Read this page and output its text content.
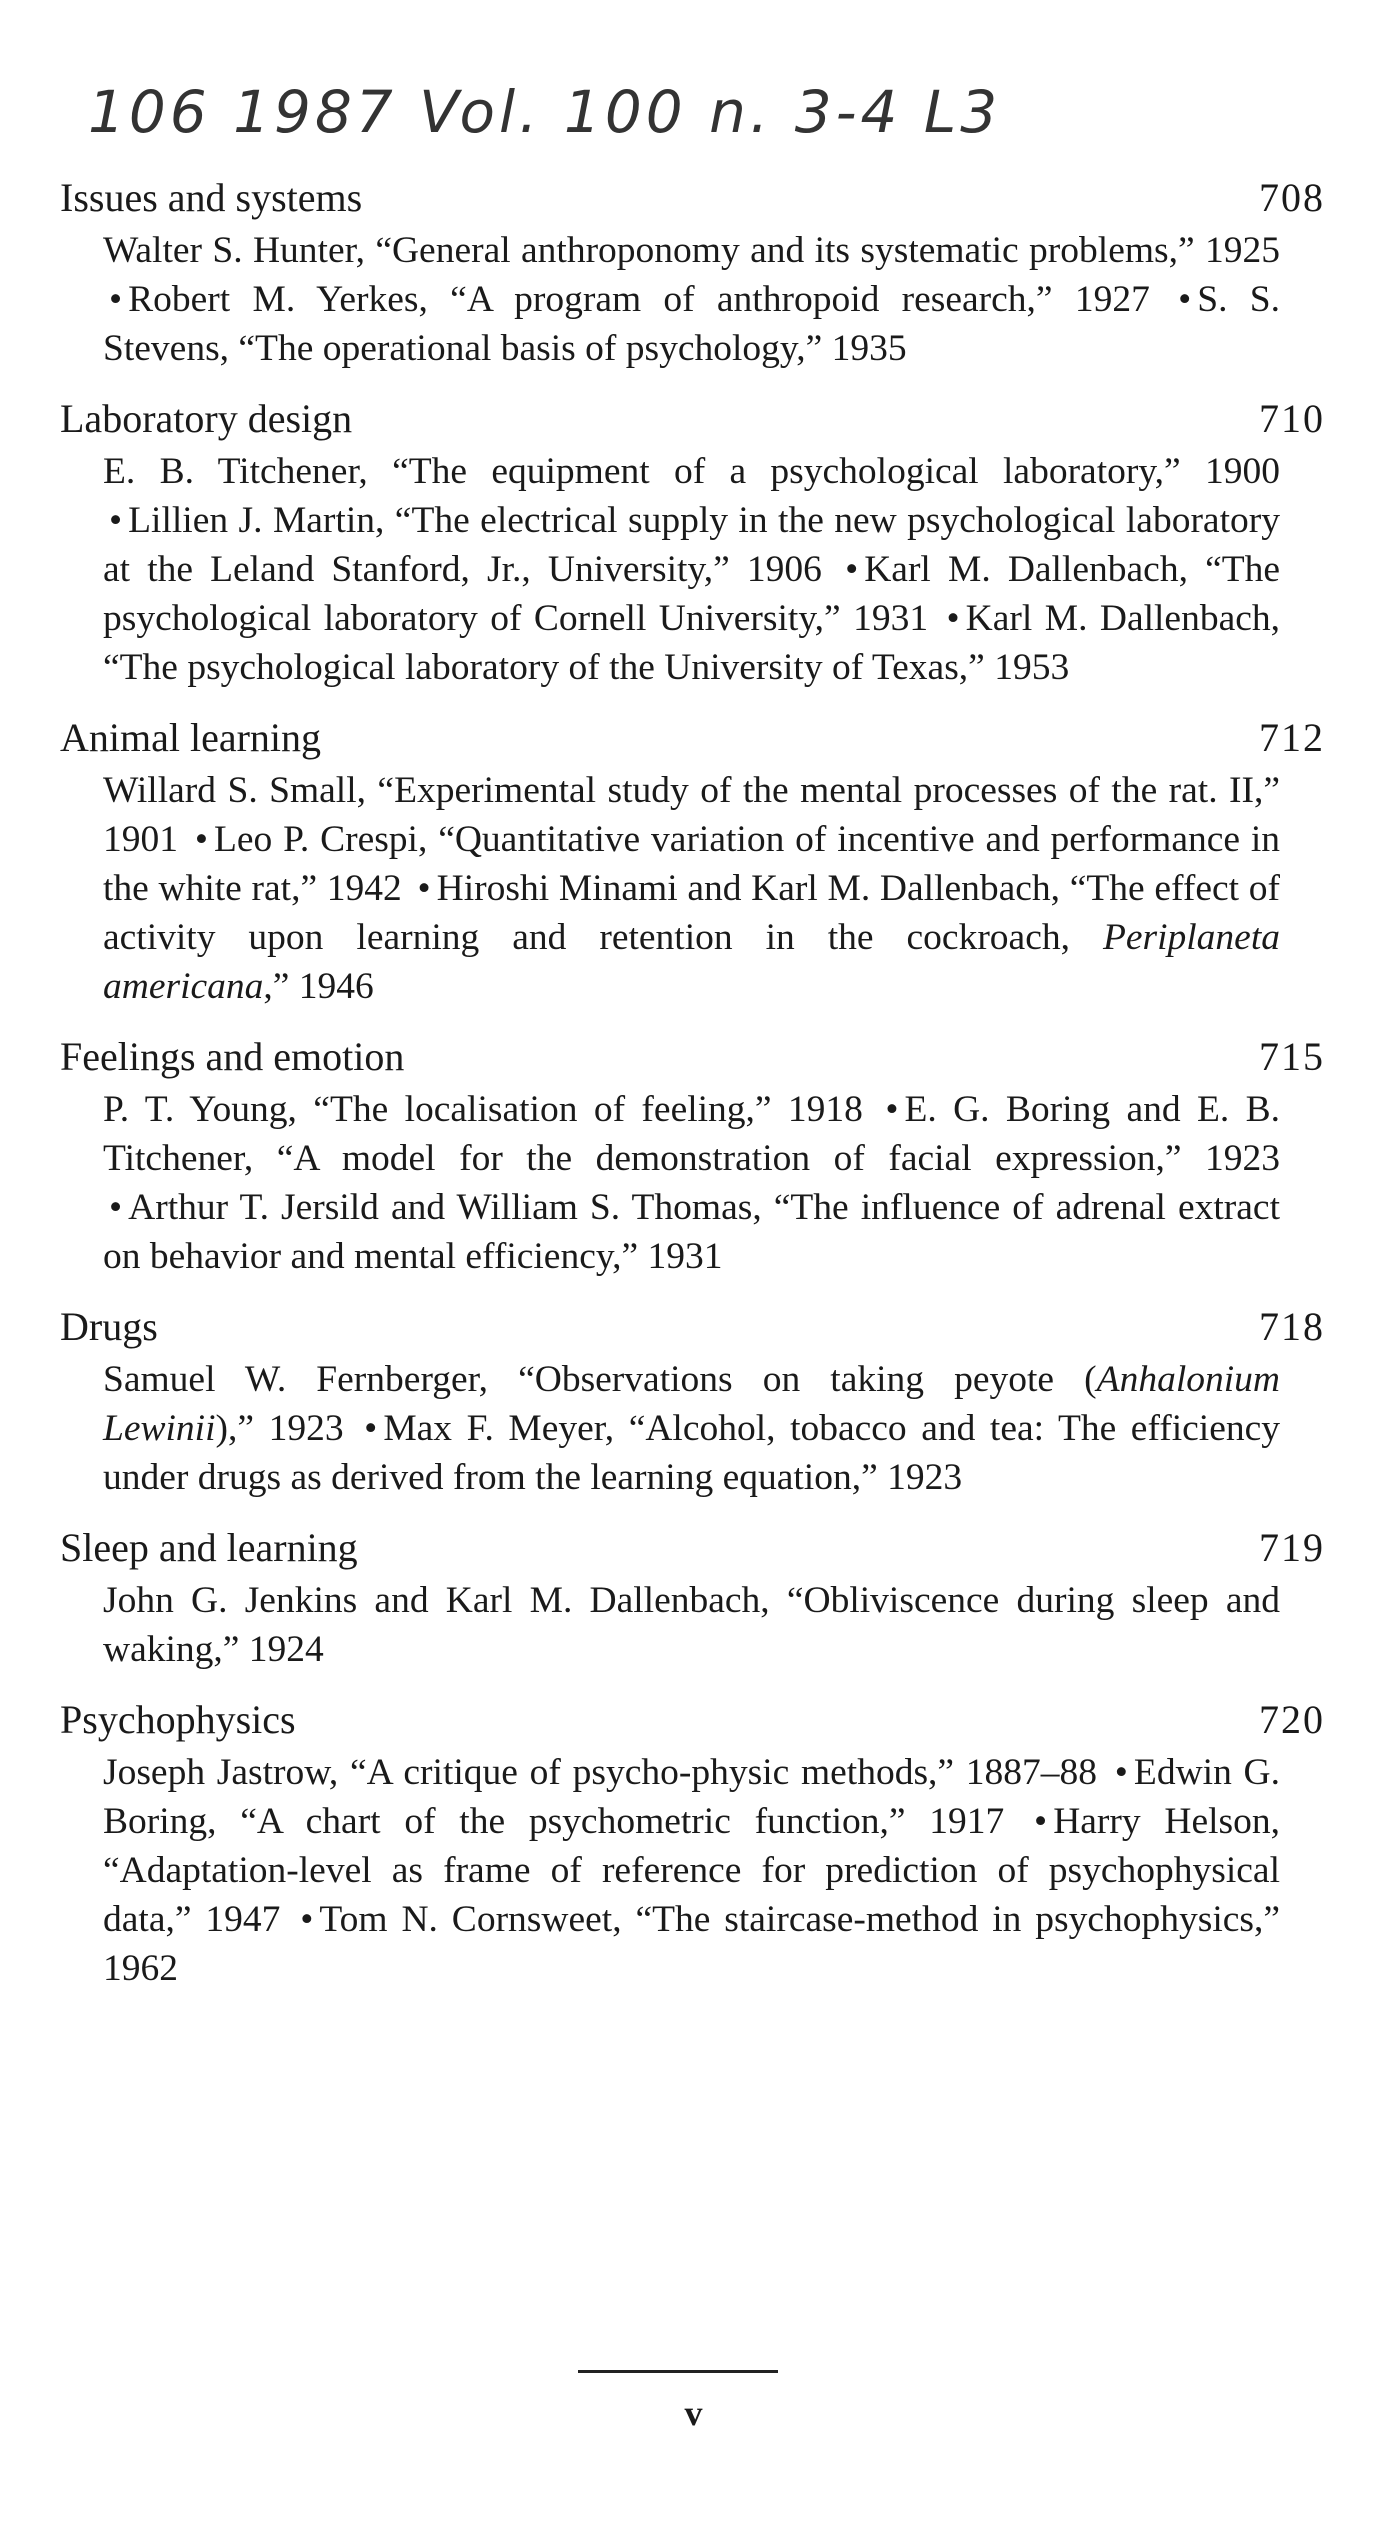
106 1987 Vol. 100 n. 3-4 L3
Issues and systems	708
Walter S. Hunter, “General anthroponomy and its systematic problems,” 1925 • Robert M. Yerkes, “A program of anthropoid research,” 1927 • S. S. Stevens, “The operational basis of psychology,” 1935
Laboratory design	710
E. B. Titchener, “The equipment of a psychological laboratory,” 1900 • Lillien J. Martin, “The electrical supply in the new psychological laboratory at the Leland Stanford, Jr., University,” 1906 • Karl M. Dallenbach, “The psychological laboratory of Cornell University,” 1931 • Karl M. Dallenbach, “The psychological laboratory of the University of Texas,” 1953
Animal learning	712
Willard S. Small, “Experimental study of the mental processes of the rat. II,” 1901 • Leo P. Crespi, “Quantitative variation of incentive and performance in the white rat,” 1942 • Hiroshi Minami and Karl M. Dallenbach, “The effect of activity upon learning and retention in the cockroach, Periplaneta americana,” 1946
Feelings and emotion	715
P. T. Young, “The localisation of feeling,” 1918 • E. G. Boring and E. B. Titchener, “A model for the demonstration of facial expression,” 1923 • Arthur T. Jersild and William S. Thomas, “The influence of adrenal extract on behavior and mental efficiency,” 1931
Drugs	718
Samuel W. Fernberger, “Observations on taking peyote (Anhalonium Lewinii),” 1923 • Max F. Meyer, “Alcohol, tobacco and tea: The efficiency under drugs as derived from the learning equation,” 1923
Sleep and learning	719
John G. Jenkins and Karl M. Dallenbach, “Obliviscence during sleep and waking,” 1924
Psychophysics	720
Joseph Jastrow, “A critique of psycho-physic methods,” 1887–88 • Edwin G. Boring, “A chart of the psychometric function,” 1917 • Harry Helson, “Adaptation-level as frame of reference for prediction of psychophysical data,” 1947 • Tom N. Cornsweet, “The staircase-method in psychophysics,” 1962
v
